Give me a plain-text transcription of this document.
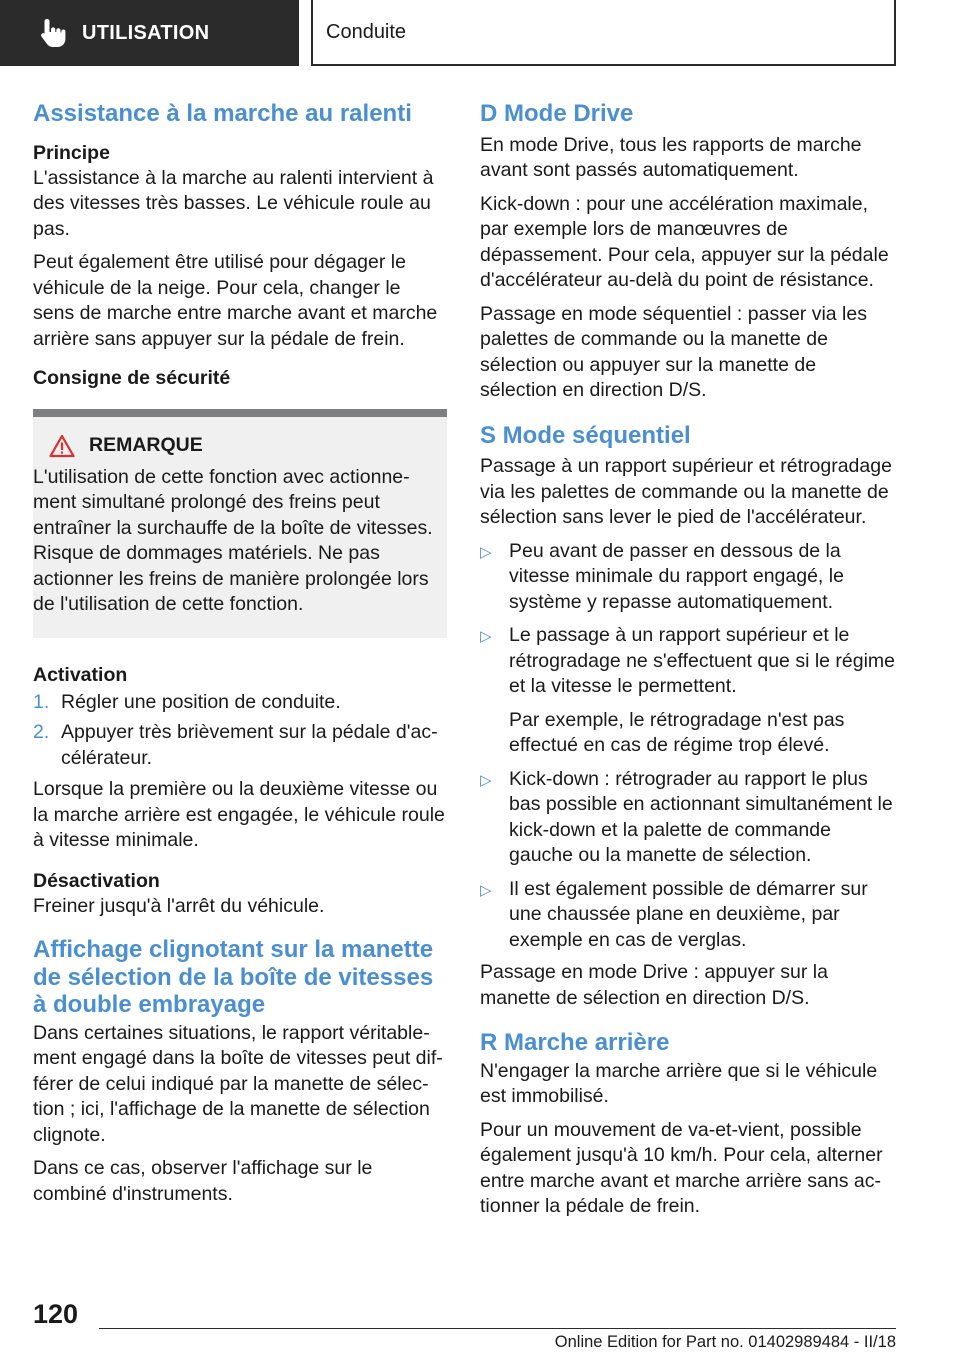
UTILISATION	Conduite
Assistance à la marche au ralenti
Principe

L'assistance à la marche au ralenti intervient à des vitesses très basses. Le véhicule roule au pas.

Peut également être utilisé pour dégager le véhicule de la neige. Pour cela, changer le sens de marche entre marche avant et marche arrière sans appuyer sur la pédale de frein.

Consigne de sécurité
REMARQUE

L'utilisation de cette fonction avec actionnement simultané prolongé des freins peut entraîner la surchauffe de la boîte de vitesses. Risque de dommages matériels. Ne pas actionner les freins de manière prolongée lors de l'utilisation de cette fonction.

Activation
1. Régler une position de conduite.
2. Appuyer très brièvement sur la pédale d'accélérateur.

Lorsque la première ou la deuxième vitesse ou la marche arrière est engagée, le véhicule roule à vitesse minimale.

Désactivation

Freiner jusqu'à l'arrêt du véhicule.

Affichage clignotant sur la manette de sélection de la boîte de vitesses à double embrayage

Dans certaines situations, le rapport véritablement engagé dans la boîte de vitesses peut différer de celui indiqué par la manette de sélection ; ici, l'affichage de la manette de sélection clignote.

Dans ce cas, observer l'affichage sur le combiné d'instruments.

D Mode Drive

En mode Drive, tous les rapports de marche avant sont passés automatiquement.

Kick-down : pour une accélération maximale, par exemple lors de manœuvres de dépassement. Pour cela, appuyer sur la pédale d'accélérateur au-delà du point de résistance.

Passage en mode séquentiel : passer via les palettes de commande ou la manette de sélection ou appuyer sur la manette de sélection en direction D/S.

S Mode séquentiel

Passage à un rapport supérieur et rétrogradage via les palettes de commande ou la manette de sélection sans lever le pied de l'accélérateur.

▷ Peu avant de passer en dessous de la vitesse minimale du rapport engagé, le système y repasse automatiquement.

▷ Le passage à un rapport supérieur et le rétrogradage ne s'effectuent que si le régime et la vitesse le permettent.

Par exemple, le rétrogradage n'est pas effectué en cas de régime trop élevé.

▷ Kick-down : rétrograder au rapport le plus bas possible en actionnant simultanément le kick-down et la palette de commande gauche ou la manette de sélection.

▷ Il est également possible de démarrer sur une chaussée plane en deuxième, par exemple en cas de verglas.

Passage en mode Drive : appuyer sur la manette de sélection en direction D/S.

R Marche arrière

N'engager la marche arrière que si le véhicule est immobilisé.

Pour un mouvement de va-et-vient, possible également jusqu'à 10 km/h. Pour cela, alterner entre marche avant et marche arrière sans actionner la pédale de frein.

120
Online Edition for Part no. 01402989484 - II/18
